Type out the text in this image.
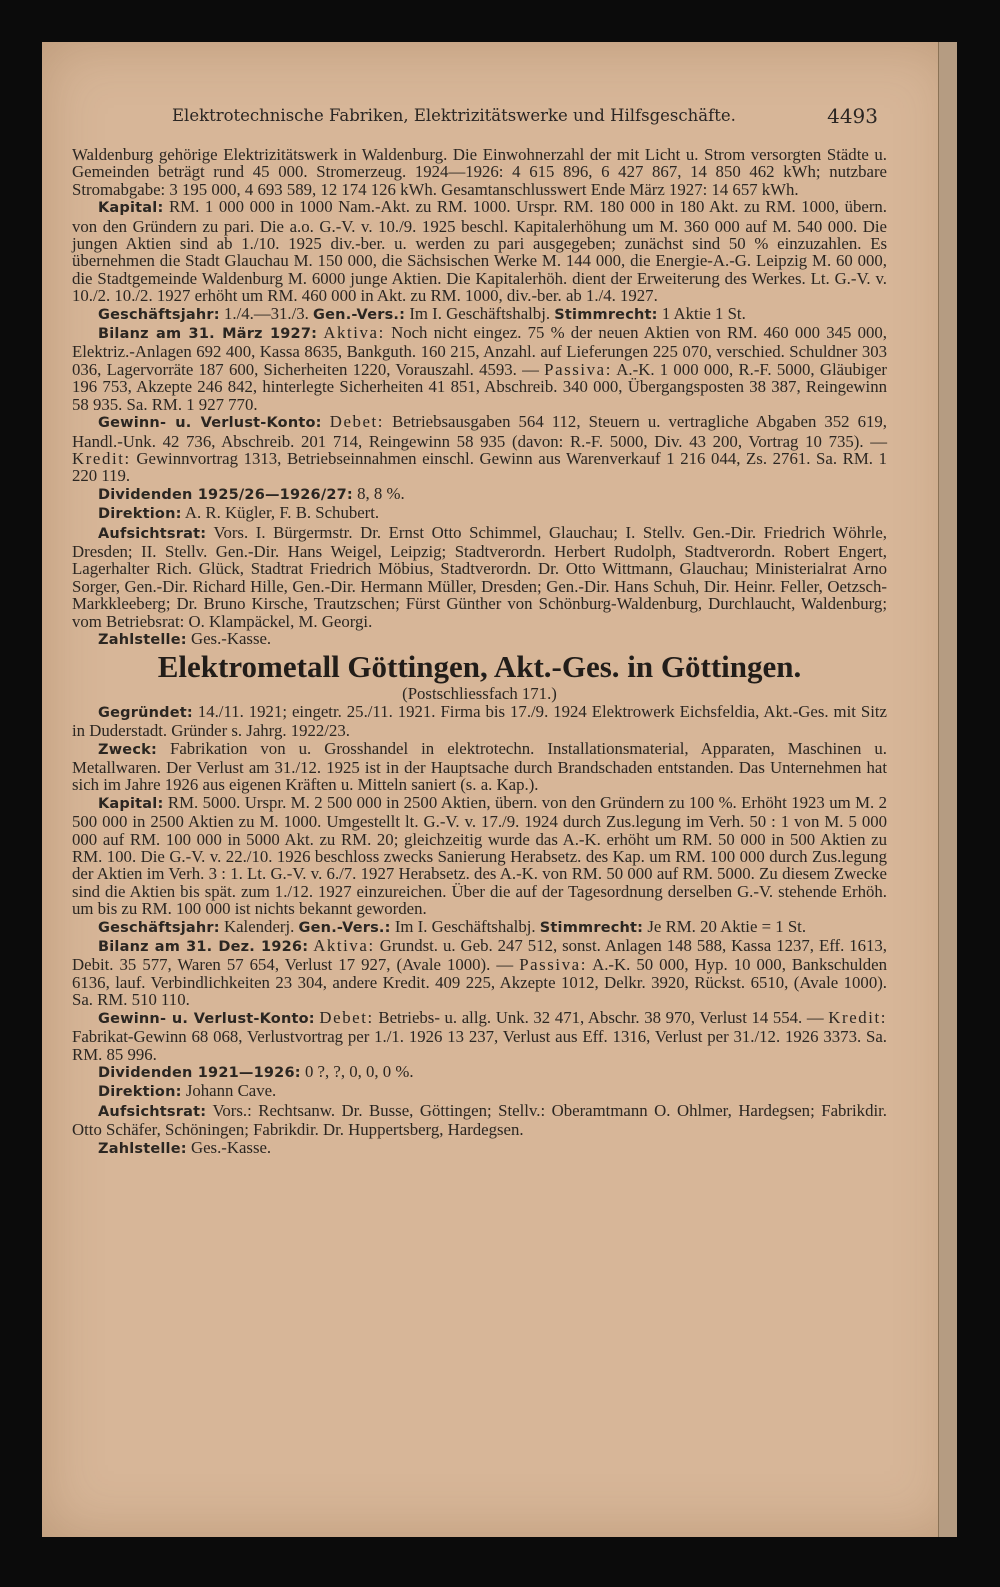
Elektrotechnische Fabriken, Elektrizitätswerke und Hilfsgeschäfte.	4493

Waldenburg gehörige Elektrizitätswerk in Waldenburg. Die Einwohnerzahl der mit Licht u. Strom versorgten Städte u. Gemeinden beträgt rund 45 000. Stromerzeug. 1924—1926: 4 615 896, 6 427 867, 14 850 462 kWh; nutzbare Stromabgabe: 3 195 000, 4 693 589, 12 174 126 kWh. Gesamtanschlusswert Ende März 1927: 14 657 kWh.

Kapital: RM. 1 000 000 in 1000 Nam.-Akt. zu RM. 1000. Urspr. RM. 180 000 in 180 Akt. zu RM. 1000, übern. von den Gründern zu pari. Die a.o. G.-V. v. 10./9. 1925 beschl. Kapitalerhöhung um M. 360 000 auf M. 540 000. Die jungen Aktien sind ab 1./10. 1925 div.-ber. u. werden zu pari ausgegeben; zunächst sind 50 % einzuzahlen. Es übernehmen die Stadt Glauchau M. 150 000, die Sächsischen Werke M. 144 000, die Energie-A.-G. Leipzig M. 60 000, die Stadtgemeinde Waldenburg M. 6000 junge Aktien. Die Kapitalerhöh. dient der Erweiterung des Werkes. Lt. G.-V. v. 10./2. 10./2. 1927 erhöht um RM. 460 000 in Akt. zu RM. 1000, div.-ber. ab 1./4. 1927.

Geschäftsjahr: 1./4.—31./3. Gen.-Vers.: Im I. Geschäftshalbj. Stimmrecht: 1 Aktie 1 St.

Bilanz am 31. März 1927: Aktiva: Noch nicht eingez. 75 % der neuen Aktien von RM. 460 000 345 000, Elektriz.-Anlagen 692 400, Kassa 8635, Bankguth. 160 215, Anzahl. auf Lieferungen 225 070, verschied. Schuldner 303 036, Lagervorräte 187 600, Sicherheiten 1220, Vorauszahl. 4593. — Passiva: A.-K. 1 000 000, R.-F. 5000, Gläubiger 196 753, Akzepte 246 842, hinterlegte Sicherheiten 41 851, Abschreib. 340 000, Übergangsposten 38 387, Reingewinn 58 935. Sa. RM. 1 927 770.

Gewinn- u. Verlust-Konto: Debet: Betriebsausgaben 564 112, Steuern u. vertragliche Abgaben 352 619, Handl.-Unk. 42 736, Abschreib. 201 714, Reingewinn 58 935 (davon: R.-F. 5000, Div. 43 200, Vortrag 10 735). — Kredit: Gewinnvortrag 1313, Betriebseinnahmen einschl. Gewinn aus Warenverkauf 1 216 044, Zs. 2761. Sa. RM. 1 220 119.

Dividenden 1925/26—1926/27: 8, 8 %.

Direktion: A. R. Kügler, F. B. Schubert.

Aufsichtsrat: Vors. I. Bürgermstr. Dr. Ernst Otto Schimmel, Glauchau; I. Stellv. Gen.-Dir. Friedrich Wöhrle, Dresden; II. Stellv. Gen.-Dir. Hans Weigel, Leipzig; Stadtverordn. Herbert Rudolph, Stadtverordn. Robert Engert, Lagerhalter Rich. Glück, Stadtrat Friedrich Möbius, Stadtverordn. Dr. Otto Wittmann, Glauchau; Ministerialrat Arno Sorger, Gen.-Dir. Richard Hille, Gen.-Dir. Hermann Müller, Dresden; Gen.-Dir. Hans Schuh, Dir. Heinr. Feller, Oetzsch-Markkleeberg; Dr. Bruno Kirsche, Trautzschen; Fürst Günther von Schönburg-Waldenburg, Durchlaucht, Waldenburg; vom Betriebsrat: O. Klampäckel, M. Georgi.

Zahlstelle: Ges.-Kasse.

Elektrometall Göttingen, Akt.-Ges. in Göttingen.

(Postschliessfach 171.)

Gegründet: 14./11. 1921; eingetr. 25./11. 1921. Firma bis 17./9. 1924 Elektrowerk Eichsfeldia, Akt.-Ges. mit Sitz in Duderstadt. Gründer s. Jahrg. 1922/23.

Zweck: Fabrikation von u. Grosshandel in elektrotechn. Installationsmaterial, Apparaten, Maschinen u. Metallwaren. Der Verlust am 31./12. 1925 ist in der Hauptsache durch Brandschaden entstanden. Das Unternehmen hat sich im Jahre 1926 aus eigenen Kräften u. Mitteln saniert (s. a. Kap.).

Kapital: RM. 5000. Urspr. M. 2 500 000 in 2500 Aktien, übern. von den Gründern zu 100 %. Erhöht 1923 um M. 2 500 000 in 2500 Aktien zu M. 1000. Umgestellt lt. G.-V. v. 17./9. 1924 durch Zus.legung im Verh. 50 : 1 von M. 5 000 000 auf RM. 100 000 in 5000 Akt. zu RM. 20; gleichzeitig wurde das A.-K. erhöht um RM. 50 000 in 500 Aktien zu RM. 100. Die G.-V. v. 22./10. 1926 beschloss zwecks Sanierung Herabsetz. des Kap. um RM. 100 000 durch Zus.legung der Aktien im Verh. 3 : 1. Lt. G.-V. v. 6./7. 1927 Herabsetz. des A.-K. von RM. 50 000 auf RM. 5000. Zu diesem Zwecke sind die Aktien bis spät. zum 1./12. 1927 einzureichen. Über die auf der Tagesordnung derselben G.-V. stehende Erhöh. um bis zu RM. 100 000 ist nichts bekannt geworden.

Geschäftsjahr: Kalenderj. Gen.-Vers.: Im I. Geschäftshalbj. Stimmrecht: Je RM. 20 Aktie = 1 St.

Bilanz am 31. Dez. 1926: Aktiva: Grundst. u. Geb. 247 512, sonst. Anlagen 148 588, Kassa 1237, Eff. 1613, Debit. 35 577, Waren 57 654, Verlust 17 927, (Avale 1000). — Passiva: A.-K. 50 000, Hyp. 10 000, Bankschulden 6136, lauf. Verbindlichkeiten 23 304, andere Kredit. 409 225, Akzepte 1012, Delkr. 3920, Rückst. 6510, (Avale 1000). Sa. RM. 510 110.

Gewinn- u. Verlust-Konto: Debet: Betriebs- u. allg. Unk. 32 471, Abschr. 38 970, Verlust 14 554. — Kredit: Fabrikat-Gewinn 68 068, Verlustvortrag per 1./1. 1926 13 237, Verlust aus Eff. 1316, Verlust per 31./12. 1926 3373. Sa. RM. 85 996.

Dividenden 1921—1926: 0 ?, ?, 0, 0, 0 %.

Direktion: Johann Cave.

Aufsichtsrat: Vors.: Rechtsanw. Dr. Busse, Göttingen; Stellv.: Oberamtmann O. Ohlmer, Hardegsen; Fabrikdir. Otto Schäfer, Schöningen; Fabrikdir. Dr. Huppertsberg, Hardegsen.

Zahlstelle: Ges.-Kasse.
